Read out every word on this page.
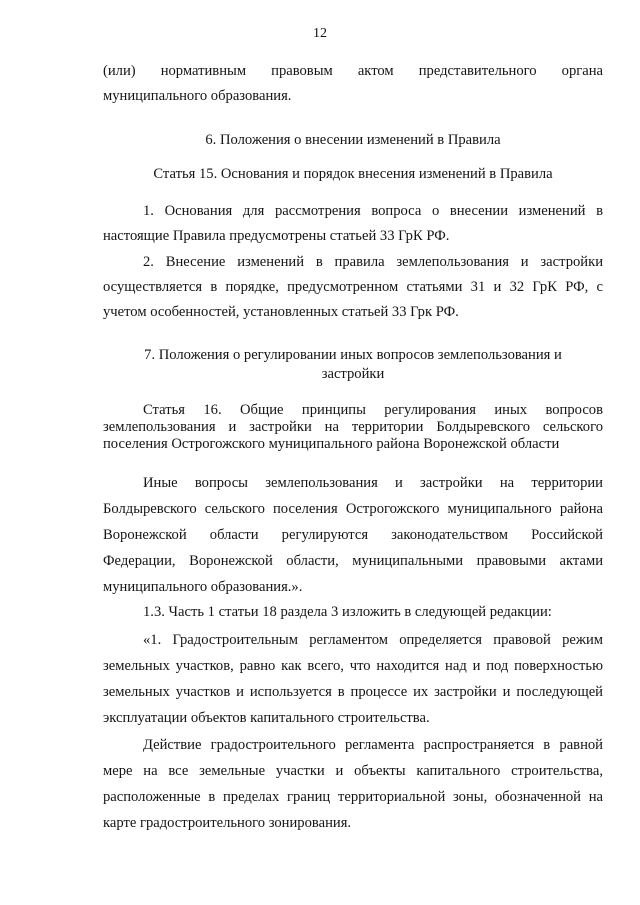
12
(или) нормативным правовым актом представительного органа
муниципального образования.
6. Положения о внесении изменений в Правила
Статья 15. Основания и порядок внесения изменений в Правила
1. Основания для рассмотрения вопроса о внесении изменений в
настоящие Правила предусмотрены статьей 33 ГрК РФ.
2. Внесение изменений в правила землепользования и застройки
осуществляется в порядке, предусмотренном статьями 31 и 32 ГрК РФ, с
учетом особенностей, установленных статьей 33 Грк РФ.
7. Положения о регулировании иных вопросов землепользования и
застройки
Статья 16. Общие принципы регулирования иных вопросов
землепользования и застройки на территории Болдыревского сельского
поселения Острогожского муниципального района Воронежской области
Иные вопросы землепользования и застройки на территории
Болдыревского сельского поселения Острогожского муниципального района
Воронежской области регулируются законодательством Российской
Федерации, Воронежской области, муниципальными правовыми актами
муниципального образования.».
1.3. Часть 1 статьи 18 раздела 3 изложить в следующей редакции:
«1. Градостроительным регламентом определяется правовой режим
земельных участков, равно как всего, что находится над и под поверхностью
земельных участков и используется в процессе их застройки и последующей
эксплуатации объектов капитального строительства.
Действие градостроительного регламента распространяется в равной
мере на все земельные участки и объекты капитального строительства,
расположенные в пределах границ территориальной зоны, обозначенной на
карте градостроительного зонирования.
